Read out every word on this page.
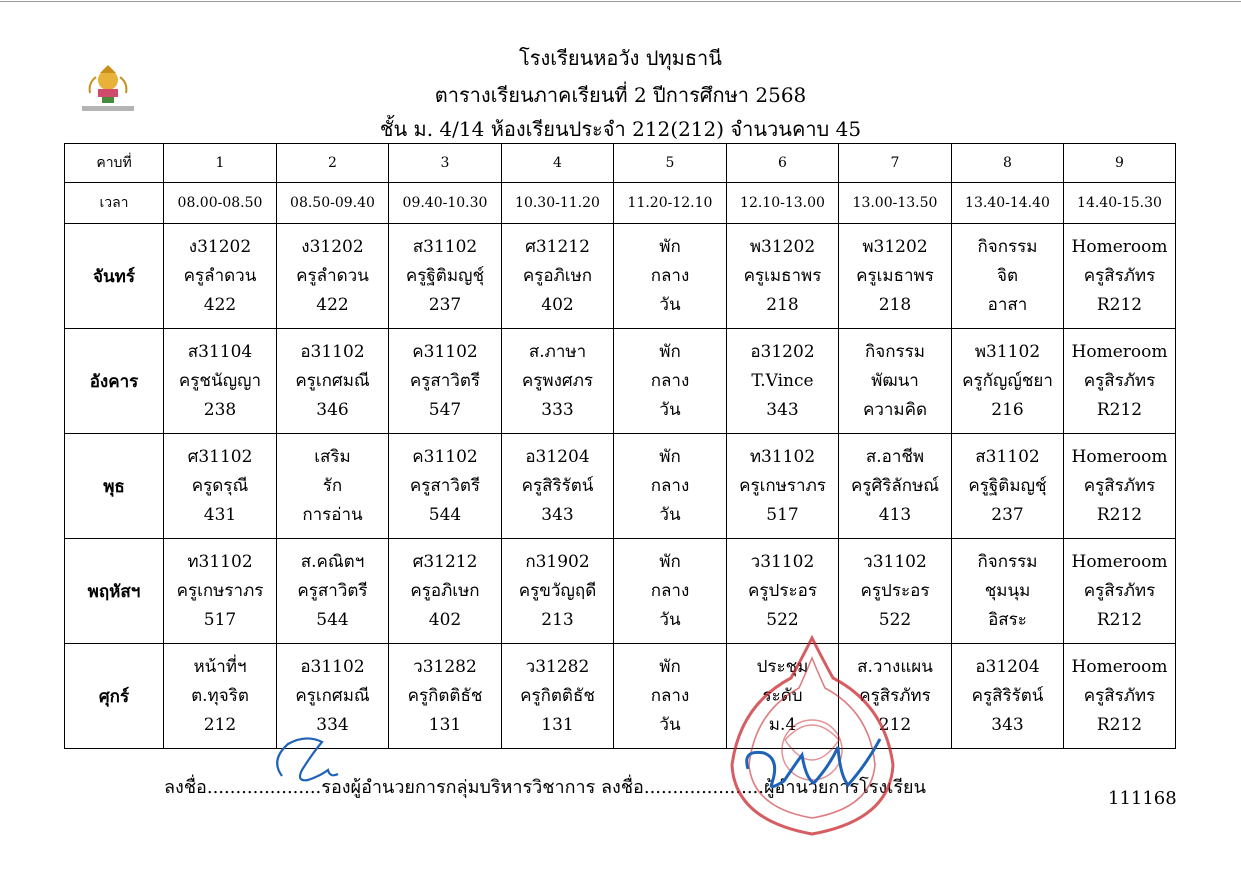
โรงเรียนหอวัง ปทุมธานี
ตารางเรียนภาคเรียนที่ 2 ปีการศึกษา 2568
ชั้น ม. 4/14 ห้องเรียนประจำ 212(212) จำนวนคาบ 45
คาบที่	1	2	3	4	5	6	7	8	9
เวลา	08.00-08.50	08.50-09.40	09.40-10.30	10.30-11.20	11.20-12.10	12.10-13.00	13.00-13.50	13.40-14.40	14.40-15.30
จันทร์	ง31202
ครูลำดวน
422	ง31202
ครูลำดวน
422	ส31102
ครูฐิติมญชุ์
237	ศ31212
ครูอภิเษก
402	พัก
กลาง
วัน	พ31202
ครูเมธาพร
218	พ31202
ครูเมธาพร
218	กิจกรรม
จิต
อาสา	Homeroom
ครูสิรภัทร
R212

อังคาร	ส31104
ครูชนัญญา
238	อ31102
ครูเกศมณี
346	ค31102
ครูสาวิตรี
547	ส.ภาษา
ครูพงศภร
333	พัก
กลาง
วัน	อ31202
T.Vince
343	กิจกรรม
พัฒนา
ความคิด	พ31102
ครูกัญญ์ชยา
216	Homeroom
ครูสิรภัทร
R212

พุธ	ศ31102
ครูดรุณี
431	เสริม
รัก
การอ่าน	ค31102
ครูสาวิตรี
544	อ31204
ครูสิริรัตน์
343	พัก
กลาง
วัน	ท31102
ครูเกษราภร
517	ส.อาชีพ
ครูศิริลักษณ์
413	ส31102
ครูฐิติมญชุ์
237	Homeroom
ครูสิรภัทร
R212

พฤหัสฯ	ท31102
ครูเกษราภร
517	ส.คณิตฯ
ครูสาวิตรี
544	ศ31212
ครูอภิเษก
402	ก31902
ครูขวัญฤดี
213	พัก
กลาง
วัน	ว31102
ครูประอร
522	ว31102
ครูประอร
522	กิจกรรม
ชุมนุม
อิสระ	Homeroom
ครูสิรภัทร
R212

ศุกร์	หน้าที่ฯ
ต.ทุจริต
212	อ31102
ครูเกศมณี
334	ว31282
ครูกิตติธัช
131	ว31282
ครูกิตติธัช
131	พัก
กลาง
วัน	ประชุม
ระดับ
ม.4	ส.วางแผน
ครูสิรภัทร
212	อ31204
ครูสิริรัตน์
343	Homeroom
ครูสิรภัทร
R212
ลงชื่อ....................รองผู้อำนวยการกลุ่มบริหารวิชาการ ลงชื่อ.....................ผู้อำนวยการโรงเรียน
111168
